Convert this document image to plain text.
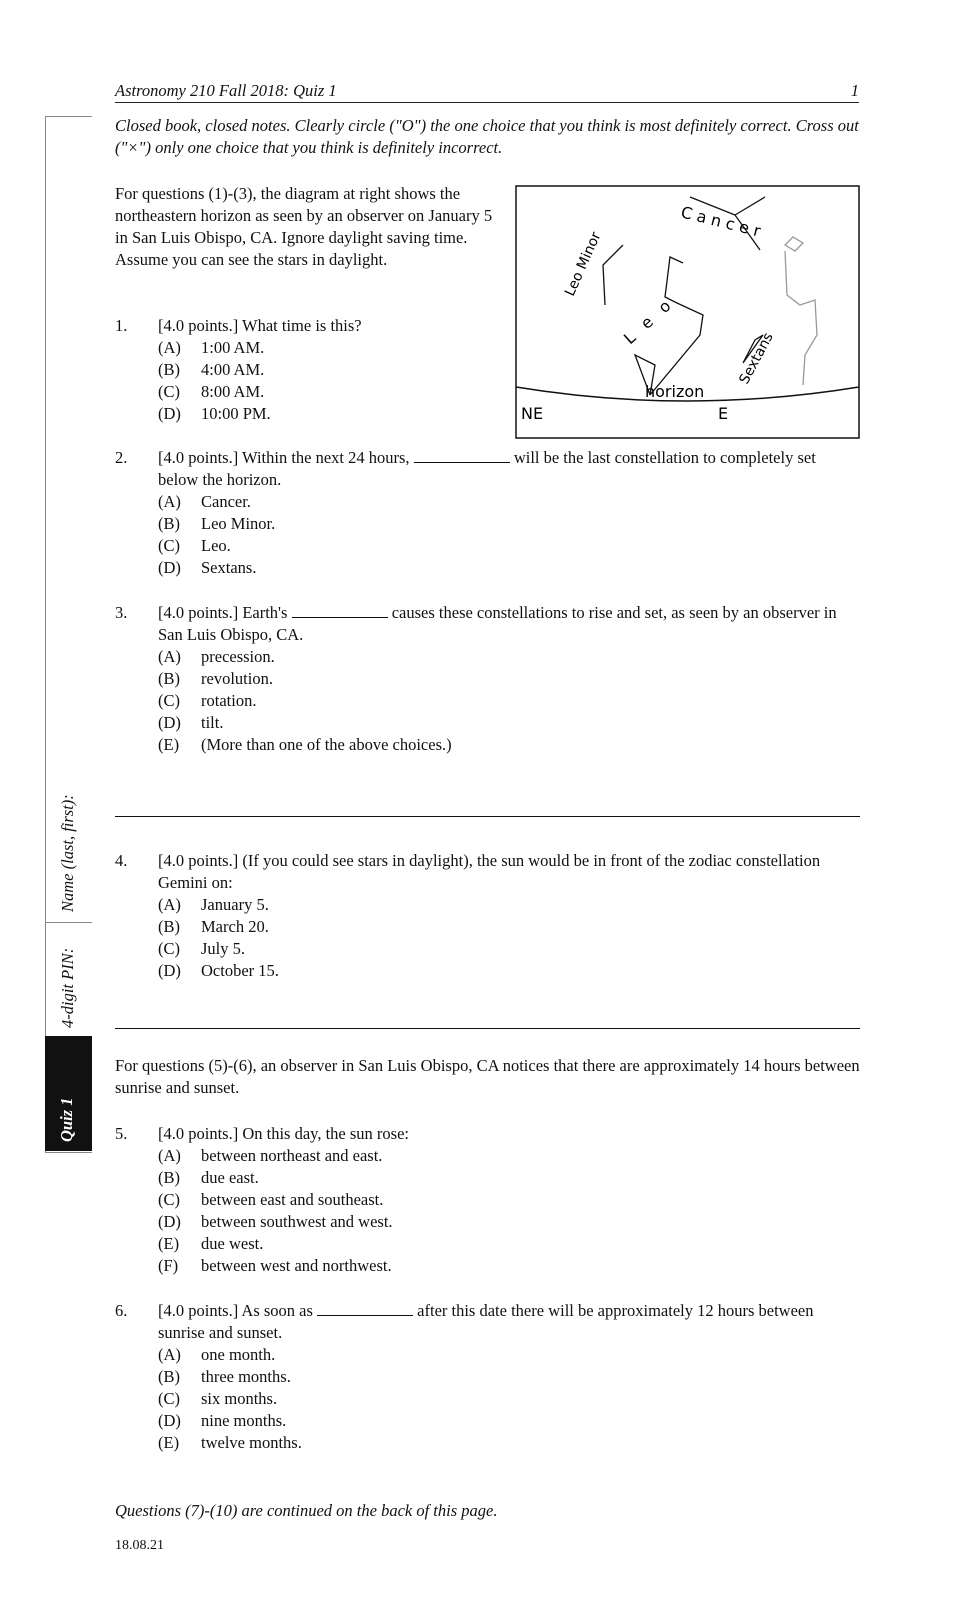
Astronomy 210 Fall 2018: Quiz 1	1
Name (last, first):
4-digit PIN:
Quiz 1
Closed book, closed notes. Clearly circle ("O") the one choice that you think is most definitely correct. Cross out ("×") only one choice that you think is definitely incorrect.
For questions (1)-(3), the diagram at right shows the northeastern horizon as seen by an observer on January 5 in San Luis Obispo, CA. Ignore daylight saving time. Assume you can see the stars in daylight.
Cancer
Leo Minor
Leo
Sextans
horizon
NE	E
1. [4.0 points.] What time is this?
(A) 1:00 AM.
(B) 4:00 AM.
(C) 8:00 AM.
(D) 10:00 PM.
2. [4.0 points.] Within the next 24 hours,	will be the last constellation to completely set below the horizon.
(A) Cancer.
(B) Leo Minor.
(C) Leo.
(D) Sextans.
3. [4.0 points.] Earth's	causes these constellations to rise and set, as seen by an observer in San Luis Obispo, CA.
(A) precession.
(B) revolution.
(C) rotation.
(D) tilt.
(E) (More than one of the above choices.)
4. [4.0 points.] (If you could see stars in daylight), the sun would be in front of the zodiac constellation Gemini on:
(A) January 5.
(B) March 20.
(C) July 5.
(D) October 15.
For questions (5)-(6), an observer in San Luis Obispo, CA notices that there are approximately 14 hours between sunrise and sunset.
5. [4.0 points.] On this day, the sun rose:
(A) between northeast and east.
(B) due east.
(C) between east and southeast.
(D) between southwest and west.
(E) due west.
(F) between west and northwest.
6. [4.0 points.] As soon as	after this date there will be approximately 12 hours between sunrise and sunset.
(A) one month.
(B) three months.
(C) six months.
(D) nine months.
(E) twelve months.
Questions (7)-(10) are continued on the back of this page.
18.08.21
